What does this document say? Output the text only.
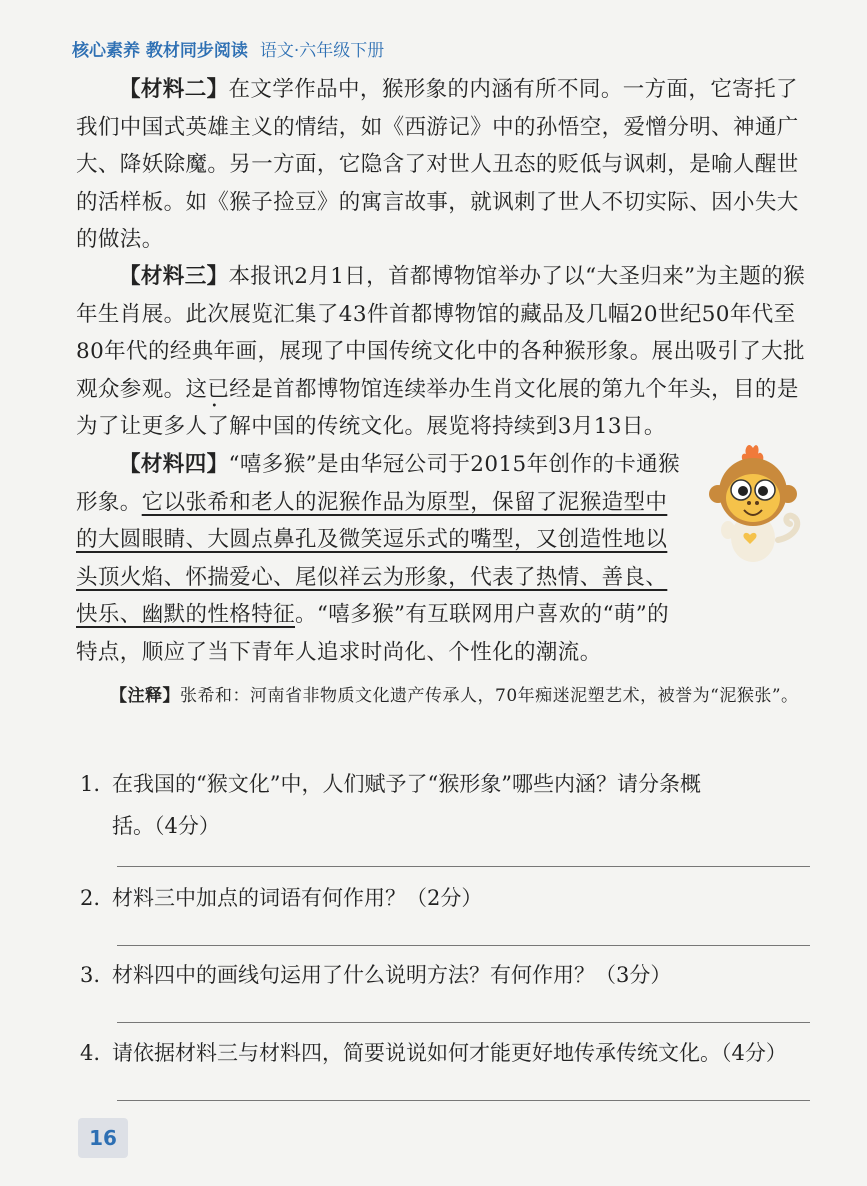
核心素养 教材同步阅读 语文·六年级下册

【材料二】在文学作品中，猴形象的内涵有所不同。一方面，它寄托了我们中国式英雄主义的情结，如《西游记》中的孙悟空，爱憎分明、神通广大、降妖除魔。另一方面，它隐含了对世人丑态的贬低与讽刺，是喻人醒世的活样板。如《猴子捡豆》的寓言故事，就讽刺了世人不切实际、因小失大的做法。

【材料三】本报讯2月1日，首都博物馆举办了以“大圣归来”为主题的猴年生肖展。此次展览汇集了43件首都博物馆的藏品及几幅20世纪50年代至80年代的经典年画，展现了中国传统文化中的各种猴形象。展出吸引了大批观众参观。这已经 • •是首都博物馆连续举办生肖文化展的第九个年头，目的是为了让更多人了解中国的传统文化。展览将持续到3月13日。

【材料四】“嘻多猴”是由华冠公司于2015年创作的卡通猴形象。它以张希和老人的泥猴作品为原型，保留了泥猴造型中的大圆眼睛、大圆点鼻孔及微笑逗乐式的嘴型，又创造性地以头顶火焰、怀揣爱心、尾似祥云为形象，代表了热情、善良、快乐、幽默的性格特征。“嘻多猴”有互联网用户喜欢的“萌”的特点，顺应了当下青年人追求时尚化、个性化的潮流。

【注释】张希和：河南省非物质文化遗产传承人，70年痴迷泥塑艺术，被誉为“泥猴张”。

1. 在我国的“猴文化”中，人们赋予了“猴形象”哪些内涵？请分条概
括。（4分）

2. 材料三中加点的词语有何作用？（2分）

3. 材料四中的画线句运用了什么说明方法？有何作用？（3分）

4. 请依据材料三与材料四，简要说说如何才能更好地传承传统文化。（4分）

16
